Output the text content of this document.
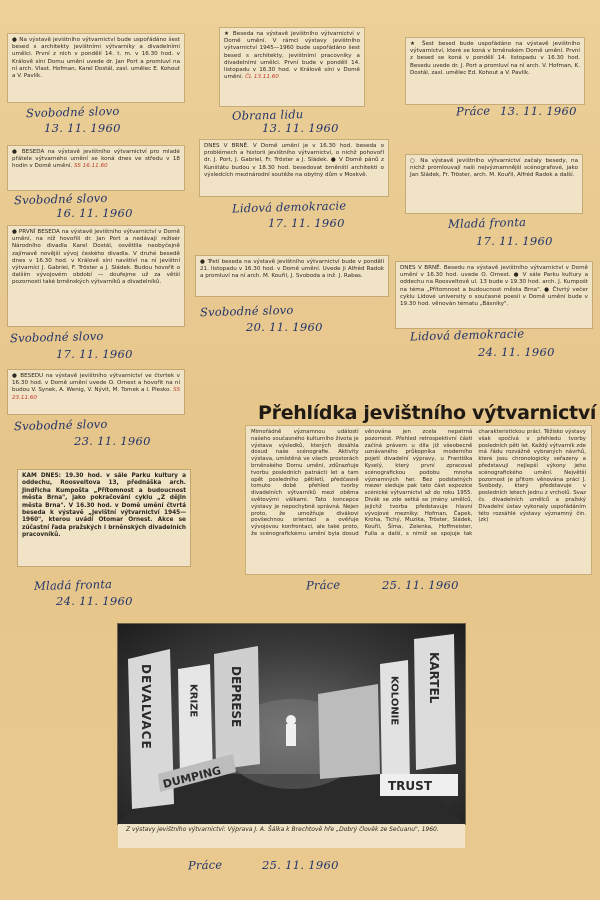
● Na výstavě jevištního výtvarnictví bude uspořádáno šest besed s architekty jevištními výtvarníky a divadelními umělci. První z nich v pondělí 14. t. m. v 16.30 hod. v Králově síni Domu umění uvede dr. Jan Port a promluví na ní arch. Vlast. Hofman, Karel Dostál, zasl. umělec E. Kohout a V. Pavlík.
Svobodné slovo
13. 11. 1960
● BESEDA na výstavě jevištního výtvarnictví pro mladé přátele výtvarného umění se koná dnes ve středu v 18 hodin v Domě umění. SS 16.11.60
Svobodné slovo
16. 11. 1960
● PRVNÍ BESEDA na výstavě jevištního výtvarnictví v Domě umění, na níž hovořili dr. Jan Port a nedávají režisér Národního divadla Karel Dostál, osvětlila neobyčejně zajímavě novější vývoj českého divadla. V druhé besedě dnes v 16.30 hod. v Králově síni navštíví na ní jevištní výtvarníci J. Gabriel, F. Tröster a J. Sládek. Budou hovořit o dalším vývojovém období — doufejme už za větší pozornosti také brněnských výtvarníků a divadelníků.
Svobodné slovo
17. 11. 1960
● BESEDU na výstavě jevištního výtvarnictví ve čtvrtek v 16.30 hod. v Domě umění uvede O. Ornest a hovořit na ní budou V. Synek, A. Wenig, V. Nývlt, M. Tomek a I. Plesko. SS 23.11.60
Svobodné slovo
23. 11. 1960
KAM DNES: 19.30 hod. v sále Parku kultury a oddechu, Roosveltova 13, přednáška arch. Jindřicha Kumpošta „Přítomnost a budoucnost města Brna", jako pokračování cyklu „Z dějin města Brna". V 16.30 hod. v Domě umění čtvrtá beseda k výstavě „Jevištní výtvarnictví 1945—1960", kterou uvádí Otomar Ornest. Akce se zúčastní řada pražských i brněnských divadelních pracovníků.
Mladá fronta
24. 11. 1960
★ Beseda na výstavě jevištního výtvarnictví v Domě umění. V rámci výstavy jevištního výtvarnictví 1945—1960 bude uspořádáno šest besed s architekty, jevištními pracovníky a divadelními umělci. První bude v pondělí 14. listopadu v 16.30 hod. v Králově síni v Domě umění. ČL 13.11.60
Obrana lidu
13. 11. 1960
DNES V BRNĚ. V Domě umění je v 16.30 hod. beseda o problémech a historii jevištního výtvarnictví, o nichž pohovoří dr. J. Port, J. Gabriel, Fr. Tröster a J. Sládek. ● V Domě pánů z Kunštátu budou v 18.30 hod. besedovat brněnští architekti o výsledcích mezinárodní soutěže na obytný dům v Moskvě.
Lidová demokracie
17. 11. 1960
● Třetí beseda na výstavě jevištního výtvarnictví bude v pondělí 21. listopadu v 16.30 hod. v Domě umění. Uvede ji Alfréd Radok a promluví na ní arch. M. Kouřil, J. Svoboda a inž. J. Rabas.
Svobodné slovo
20. 11. 1960
★ Šest besed bude uspořádáno na výstavě jevištního výtvarnictví, které se koná v brněnském Domě umění. První z besed se koná v pondělí 14. listopadu v 16.30 hod. Besedu uvede dr. J. Port a promluví na ní arch. V. Hofman, K. Dostál, zasl. umělec Ed. Kohout a V. Pavlík.
Práce 13. 11. 1960
○ Na výstavě jevištního výtvarnictví začaly besedy, na nichž promlouvají naši nejvýznamnější scénografové, jako Jan Sládek, Fr. Tröster, arch. M. Kouřil, Alfréd Radok a další.
Mladá fronta
17. 11. 1960
DNES V BRNĚ. Besedu na výstavě jevištního výtvarnictví v Domě umění v 16.30 hod. uvede O. Ornest. ● V sále Parku kultury a oddechu na Roosveltově ul. 13 bude v 19.30 hod. arch. J. Kumpošt na téma „Přítomnost a budoucnost města Brna". ● Čtvrtý večer cyklu Lidové university o současné poesii v Domě umění bude v 19.30 hod. věnován tématu „Básníky".
Lidová demokracie
24. 11. 1960
Přehlídka jevištního výtvarnictví
Mimořádně významnou událostí našeho současného kulturního života je výstava výsledků, kterých dosáhla dosud naše scénografie. Aktivity výstava, umístěná ve všech prostorách brněnského Domu umění, zdůrazňuje tvorbu posledních patnácti let a tam opět posledního pětiletí, předčasně tomuto době přehled tvorby divadelních výtvarníků mezi oběma světovými válkami. Tato koncepce výstavy je nepochybně správná. Nejen proto, že umožňuje divákovi povšechnou orientaci a ověřuje vývojovou konfrontaci, ale také proto, že scénografickému umění byla dosud věnována jen zcela nepatrná pozornost. Přehled retrospektivní části začíná právem u díla již všeobecně uznávaného průkopníka moderního pojetí divadelní výpravy, u Františka Kyselý, který první zpracoval scénografickou podobu mnoha významných her. Bez podstatných mezer sleduje pak tato část expozice scénické výtvarnictví až do roku 1955. Divák se zde setká se jmény umělců, jejichž tvorba představuje hlavní vývojové mezníky: Hofman, Čapek, Kroha, Tichý, Muzika, Tröster, Sládek, Kouřil, Šíma, Zelenka, Hoffmeister, Fulla a další, s nimiž se spojuje tak charakteristickou práci. Těžisko výstavy však spočívá v přehledu tvorby posledních pěti let. Každý výtvarník zde má řádu rozvážně vybraných návrhů, které jsou chronologicky seřazeny a představují nejlepší výkony jeho scénografického umění. Největší pozornost je přitom věnována práci J. Svobody, který představuje v posledních letech jednu z vrcholů. Svaz čs. divadelních umělců a pražský Divadelní ústav vykonaly uspořádáním této rozsáhlé výstavy významný čin. (zk)
Práce	25. 11. 1960
DEVALVACE	KRIZE	DEPRESE
DUMPING
KOLONIE KARTEL
TRUST
Z výstavy jevištního výtvarnictví: Výprava J. A. Šálka k Brechtově hře „Dobrý člověk ze Sečuanu", 1960.
Práce	25. 11. 1960
